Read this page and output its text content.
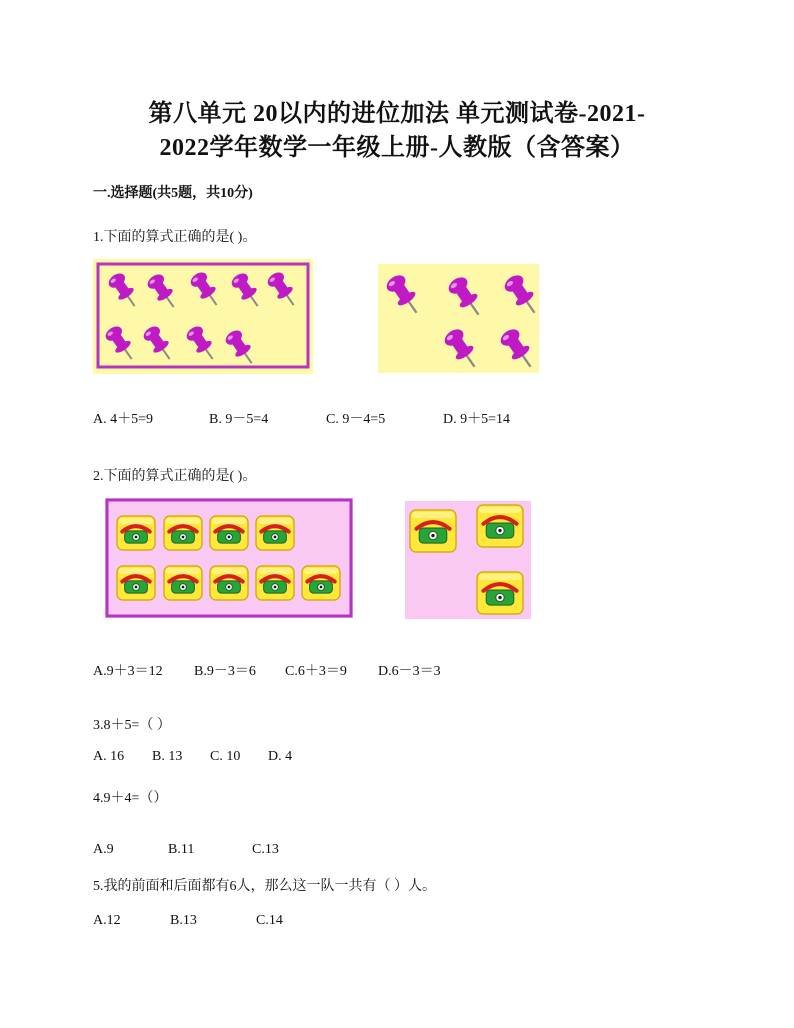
第八单元 20以内的进位加法 单元测试卷-2021-
2022学年数学一年级上册-人教版（含答案）
一.选择题(共5题，共10分)
1.下面的算式正确的是( )。
A. 4＋5=9	B. 9－5=4	C. 9－4=5	D. 9＋5=14
2.下面的算式正确的是( )。
A.9＋3＝12 B.9－3＝6 C.6＋3＝9 D.6－3＝3
3.8＋5=（ ）
A. 16 B. 13 C. 10 D. 4
4.9＋4=（）
A.9	B.11	C.13
5.我的前面和后面都有6人，那么这一队一共有（ ）人。
A.12	B.13	C.14
